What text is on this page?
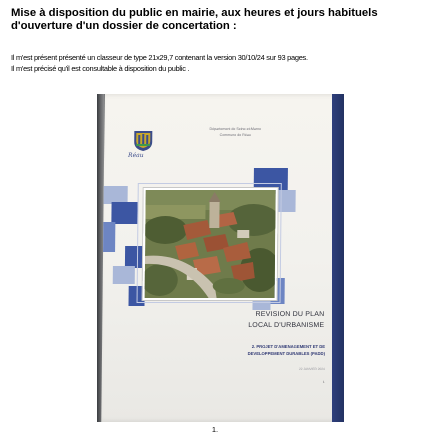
Mise à disposition du public en mairie, aux heures et jours habituels d'ouverture d'un dossier de concertation :
Il m'est présent présenté un classeur de type 21x29,7 contenant la version 30/10/24 sur 93 pages.
Il m'est précisé qu'il est consultable à disposition du public .
Réau
Département de Seine-et-Marne
Commune de Réau
REVISION DU PLAN
LOCAL D'URBANISME
2. PROJET D'AMENAGEMENT ET DE
DEVELOPPEMENT DURABLES (PADD)
22 JANVIER 2024
1
1.
